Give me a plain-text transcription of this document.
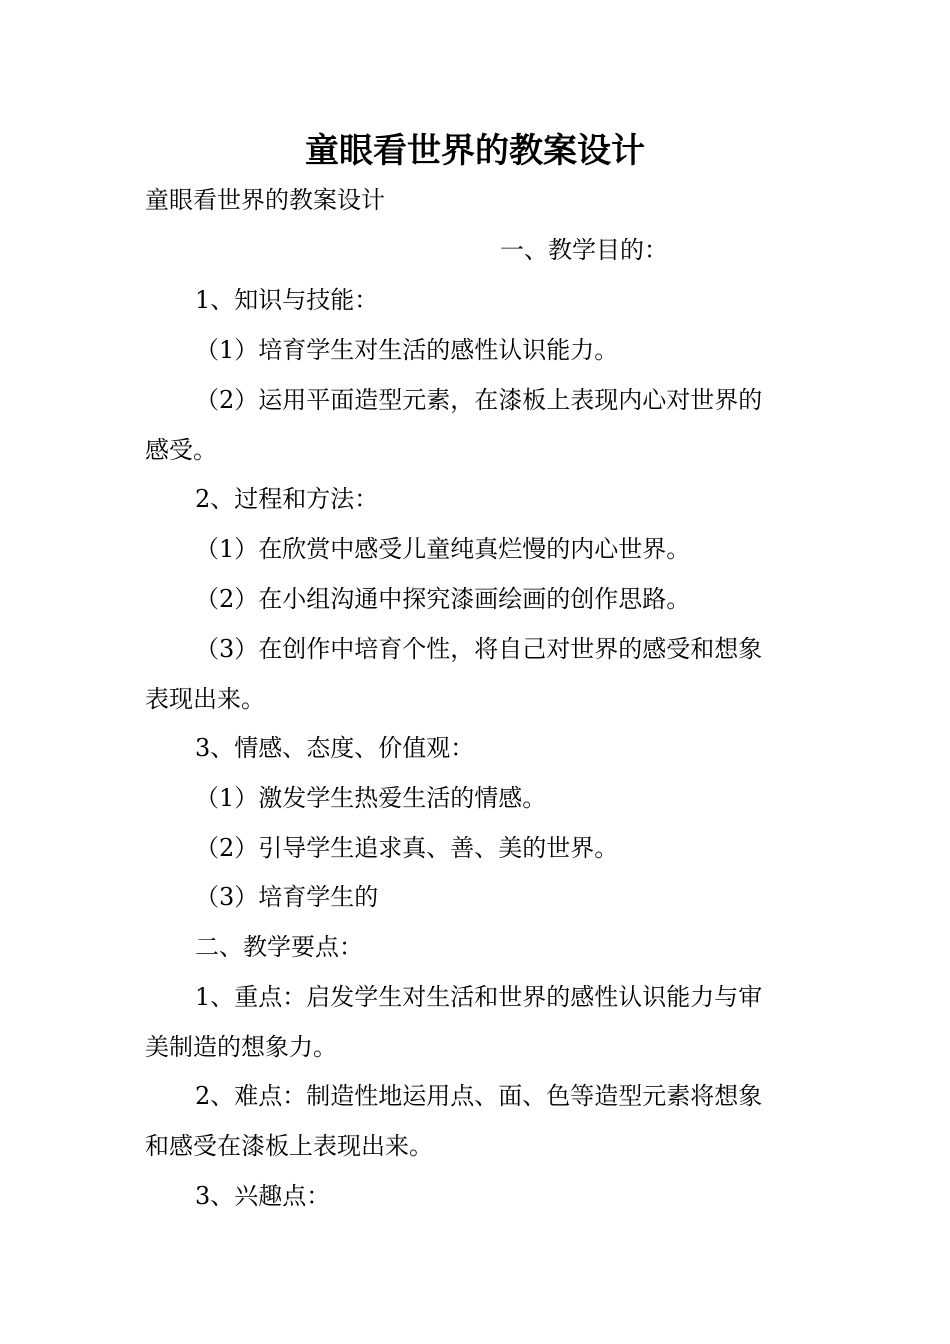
童眼看世界的教案设计
童眼看世界的教案设计
一、教学目的：
1、知识与技能：
（1）培育学生对生活的感性认识能力。
（2）运用平面造型元素，在漆板上表现内心对世界的
感受。
2、过程和方法：
（1）在欣赏中感受儿童纯真烂慢的内心世界。
（2）在小组沟通中探究漆画绘画的创作思路。
（3）在创作中培育个性，将自己对世界的感受和想象
表现出来。
3、情感、态度、价值观：
（1）激发学生热爱生活的情感。
（2）引导学生追求真、善、美的世界。
（3）培育学生的
二、教学要点：
1、重点：启发学生对生活和世界的感性认识能力与审
美制造的想象力。
2、难点：制造性地运用点、面、色等造型元素将想象
和感受在漆板上表现出来。
3、兴趣点：
